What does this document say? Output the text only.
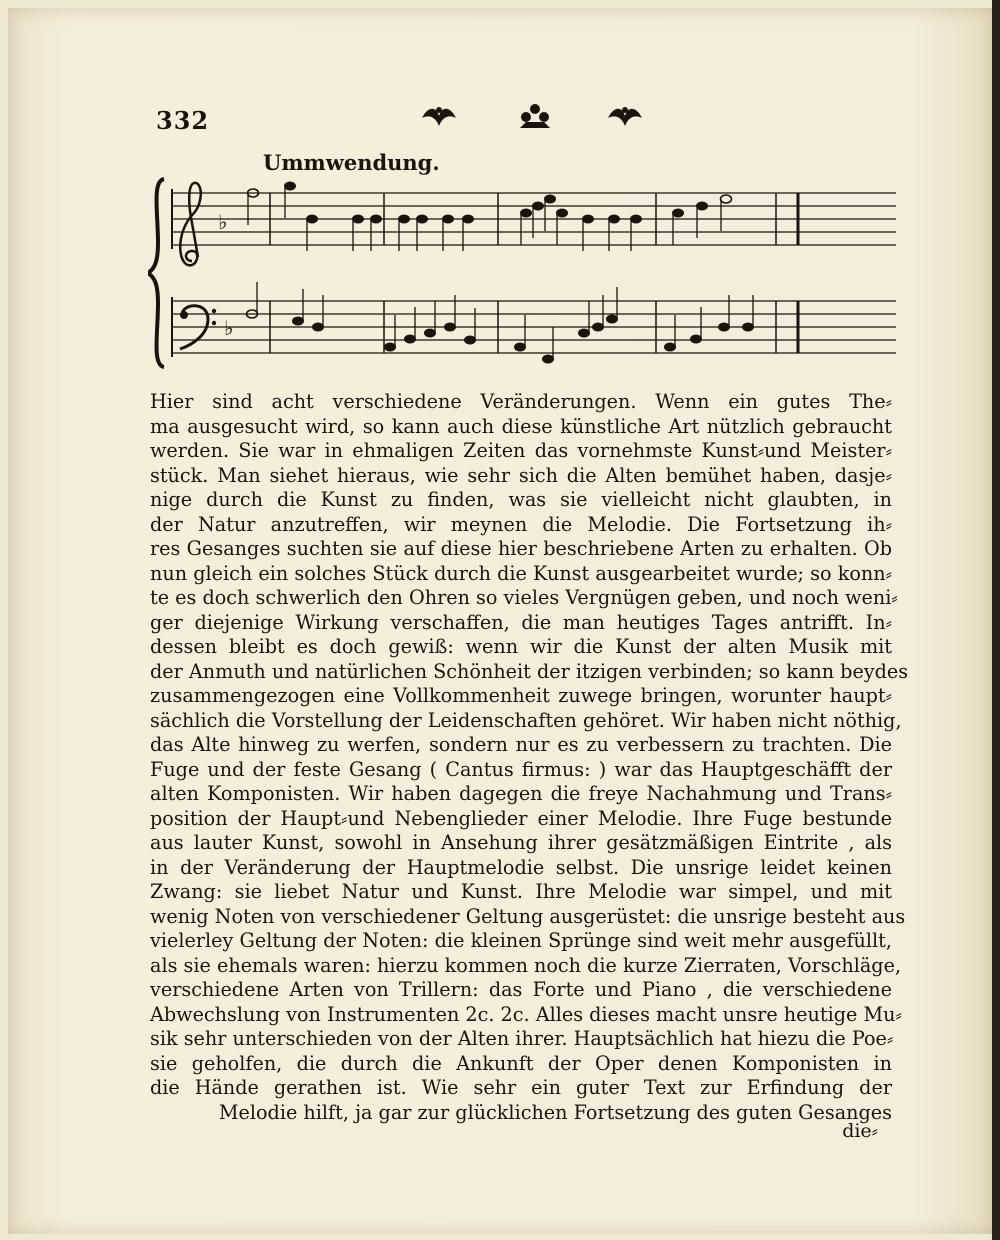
332
Ummwendung.
♭
♭
Hier sind acht verschiedene Veränderungen. Wenn ein gutes The⸗
ma ausgesucht wird, so kann auch diese künstliche Art nützlich gebraucht
werden. Sie war in ehmaligen Zeiten das vornehmste Kunst⸗und Meister⸗
stück. Man siehet hieraus, wie sehr sich die Alten bemühet haben, dasje⸗
nige durch die Kunst zu finden, was sie vielleicht nicht glaubten, in
der Natur anzutreffen, wir meynen die Melodie. Die Fortsetzung ih⸗
res Gesanges suchten sie auf diese hier beschriebene Arten zu erhalten. Ob
nun gleich ein solches Stück durch die Kunst ausgearbeitet wurde; so konn⸗
te es doch schwerlich den Ohren so vieles Vergnügen geben, und noch weni⸗
ger diejenige Wirkung verschaffen, die man heutiges Tages antrifft. In⸗
dessen bleibt es doch gewiß: wenn wir die Kunst der alten Musik mit
der Anmuth und natürlichen Schönheit der itzigen verbinden; so kann beydes
zusammengezogen eine Vollkommenheit zuwege bringen, worunter haupt⸗
sächlich die Vorstellung der Leidenschaften gehöret. Wir haben nicht nöthig,
das Alte hinweg zu werfen, sondern nur es zu verbessern zu trachten. Die
Fuge und der feste Gesang ( Cantus firmus: ) war das Hauptgeschäfft der
alten Komponisten. Wir haben dagegen die freye Nachahmung und Trans⸗
position der Haupt⸗und Nebenglieder einer Melodie. Ihre Fuge bestunde
aus lauter Kunst, sowohl in Ansehung ihrer gesätzmäßigen Eintrite , als
in der Veränderung der Hauptmelodie selbst. Die unsrige leidet keinen
Zwang: sie liebet Natur und Kunst. Ihre Melodie war simpel, und mit
wenig Noten von verschiedener Geltung ausgerüstet: die unsrige besteht aus
vielerley Geltung der Noten: die kleinen Sprünge sind weit mehr ausgefüllt,
als sie ehemals waren: hierzu kommen noch die kurze Zierraten, Vorschläge,
verschiedene Arten von Trillern: das Forte und Piano , die verschiedene
Abwechslung von Instrumenten 2c. 2c. Alles dieses macht unsre heutige Mu⸗
sik sehr unterschieden von der Alten ihrer. Hauptsächlich hat hiezu die Poe⸗
sie geholfen, die durch die Ankunft der Oper denen Komponisten in
die Hände gerathen ist. Wie sehr ein guter Text zur Erfindung der
Melodie hilft, ja gar zur glücklichen Fortsetzung des guten Gesanges
die⸗
